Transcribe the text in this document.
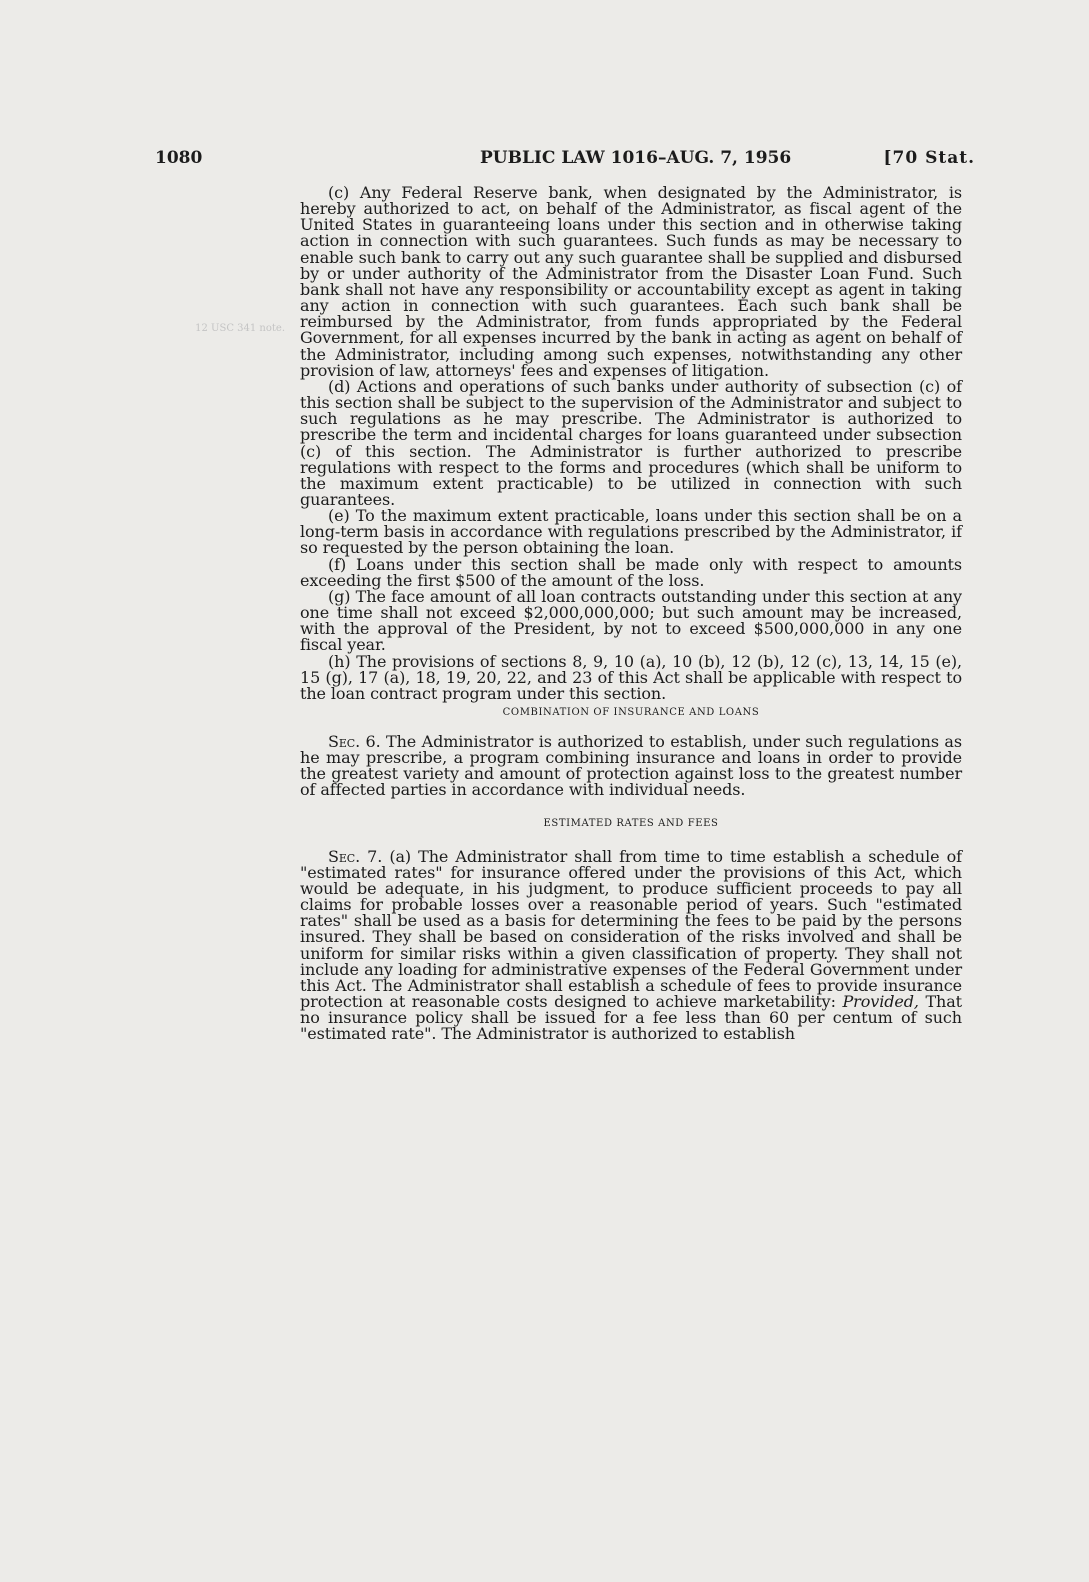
1080	PUBLIC LAW 1016–AUG. 7, 1956	[70 Stat.
12 USC 341 note.

(c) Any Federal Reserve bank, when designated by the Administrator, is hereby authorized to act, on behalf of the Administrator, as fiscal agent of the United States in guaranteeing loans under this section and in otherwise taking action in connection with such guarantees. Such funds as may be necessary to enable such bank to carry out any such guarantee shall be supplied and disbursed by or under authority of the Administrator from the Disaster Loan Fund. Such bank shall not have any responsibility or accountability except as agent in taking any action in connection with such guarantees. Each such bank shall be reimbursed by the Administrator, from funds appropriated by the Federal Government, for all expenses incurred by the bank in acting as agent on behalf of the Administrator, including among such expenses, notwithstanding any other provision of law, attorneys' fees and expenses of litigation.

(d) Actions and operations of such banks under authority of subsection (c) of this section shall be subject to the supervision of the Administrator and subject to such regulations as he may prescribe. The Administrator is authorized to prescribe the term and incidental charges for loans guaranteed under subsection (c) of this section. The Administrator is further authorized to prescribe regulations with respect to the forms and procedures (which shall be uniform to the maximum extent practicable) to be utilized in connection with such guarantees.

(e) To the maximum extent practicable, loans under this section shall be on a long-term basis in accordance with regulations prescribed by the Administrator, if so requested by the person obtaining the loan.

(f) Loans under this section shall be made only with respect to amounts exceeding the first $500 of the amount of the loss.

(g) The face amount of all loan contracts outstanding under this section at any one time shall not exceed $2,000,000,000; but such amount may be increased, with the approval of the President, by not to exceed $500,000,000 in any one fiscal year.

(h) The provisions of sections 8, 9, 10 (a), 10 (b), 12 (b), 12 (c), 13, 14, 15 (e), 15 (g), 17 (a), 18, 19, 20, 22, and 23 of this Act shall be applicable with respect to the loan contract program under this section.

COMBINATION OF INSURANCE AND LOANS

Sec. 6. The Administrator is authorized to establish, under such regulations as he may prescribe, a program combining insurance and loans in order to provide the greatest variety and amount of protection against loss to the greatest number of affected parties in accordance with individual needs.

ESTIMATED RATES AND FEES

Sec. 7. (a) The Administrator shall from time to time establish a schedule of "estimated rates" for insurance offered under the provisions of this Act, which would be adequate, in his judgment, to produce sufficient proceeds to pay all claims for probable losses over a reasonable period of years. Such "estimated rates" shall be used as a basis for determining the fees to be paid by the persons insured. They shall be based on consideration of the risks involved and shall be uniform for similar risks within a given classification of property. They shall not include any loading for administrative expenses of the Federal Government under this Act. The Administrator shall establish a schedule of fees to provide insurance protection at reasonable costs designed to achieve marketability: Provided, That no insurance policy shall be issued for a fee less than 60 per centum of such "estimated rate". The Administrator is authorized to establish
